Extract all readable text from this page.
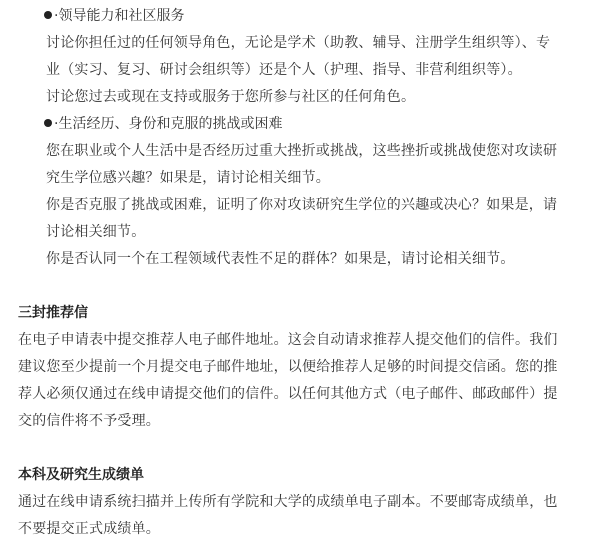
·领导能力和社区服务
讨论你担任过的任何领导角色，无论是学术（助教、辅导、注册学生组织等）、专
业（实习、复习、研讨会组织等）还是个人（护理、指导、非营利组织等）。
讨论您过去或现在支持或服务于您所参与社区的任何角色。
·生活经历、身份和克服的挑战或困难
您在职业或个人生活中是否经历过重大挫折或挑战，这些挫折或挑战使您对攻读研
究生学位感兴趣？如果是，请讨论相关细节。
你是否克服了挑战或困难，证明了你对攻读研究生学位的兴趣或决心？如果是，请
讨论相关细节。
你是否认同一个在工程领域代表性不足的群体？如果是，请讨论相关细节。
三封推荐信
在电子申请表中提交推荐人电子邮件地址。这会自动请求推荐人提交他们的信件。我们
建议您至少提前一个月提交电子邮件地址，以便给推荐人足够的时间提交信函。您的推
荐人必须仅通过在线申请提交他们的信件。以任何其他方式（电子邮件、邮政邮件）提
交的信件将不予受理。
本科及研究生成绩单
通过在线申请系统扫描并上传所有学院和大学的成绩单电子副本。不要邮寄成绩单，也
不要提交正式成绩单。
